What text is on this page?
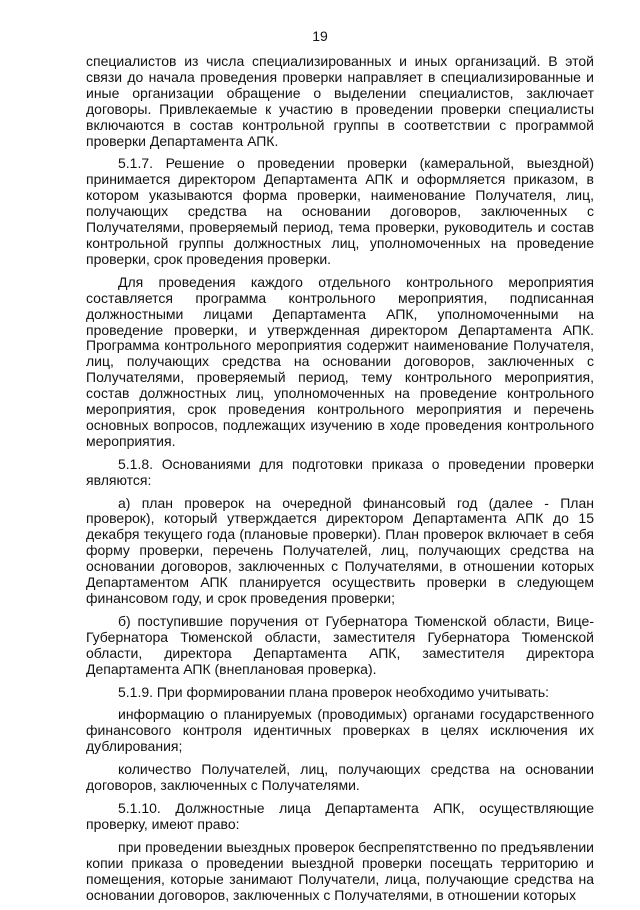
19

специалистов из числа специализированных и иных организаций. В этой связи до начала проведения проверки направляет в специализированные и иные организации обращение о выделении специалистов, заключает договоры. Привлекаемые к участию в проведении проверки специалисты включаются в состав контрольной группы в соответствии с программой проверки Департамента АПК.

5.1.7. Решение о проведении проверки (камеральной, выездной) принимается директором Департамента АПК и оформляется приказом, в котором указываются форма проверки, наименование Получателя, лиц, получающих средства на основании договоров, заключенных с Получателями, проверяемый период, тема проверки, руководитель и состав контрольной группы должностных лиц, уполномоченных на проведение проверки, срок проведения проверки.

Для проведения каждого отдельного контрольного мероприятия составляется программа контрольного мероприятия, подписанная должностными лицами Департамента АПК, уполномоченными на проведение проверки, и утвержденная директором Департамента АПК. Программа контрольного мероприятия содержит наименование Получателя, лиц, получающих средства на основании договоров, заключенных с Получателями, проверяемый период, тему контрольного мероприятия, состав должностных лиц, уполномоченных на проведение контрольного мероприятия, срок проведения контрольного мероприятия и перечень основных вопросов, подлежащих изучению в ходе проведения контрольного мероприятия.

5.1.8. Основаниями для подготовки приказа о проведении проверки являются:

а) план проверок на очередной финансовый год (далее - План проверок), который утверждается директором Департамента АПК до 15 декабря текущего года (плановые проверки). План проверок включает в себя форму проверки, перечень Получателей, лиц, получающих средства на основании договоров, заключенных с Получателями, в отношении которых Департаментом АПК планируется осуществить проверки в следующем финансовом году, и срок проведения проверки;

б) поступившие поручения от Губернатора Тюменской области, Вице-Губернатора Тюменской области, заместителя Губернатора Тюменской области, директора Департамента АПК, заместителя директора Департамента АПК (внеплановая проверка).

5.1.9. При формировании плана проверок необходимо учитывать:

информацию о планируемых (проводимых) органами государственного финансового контроля идентичных проверках в целях исключения их дублирования;

количество Получателей, лиц, получающих средства на основании договоров, заключенных с Получателями.

5.1.10. Должностные лица Департамента АПК, осуществляющие проверку, имеют право:

при проведении выездных проверок беспрепятственно по предъявлении копии приказа о проведении выездной проверки посещать территорию и помещения, которые занимают Получатели, лица, получающие средства на основании договоров, заключенных с Получателями, в отношении которых
